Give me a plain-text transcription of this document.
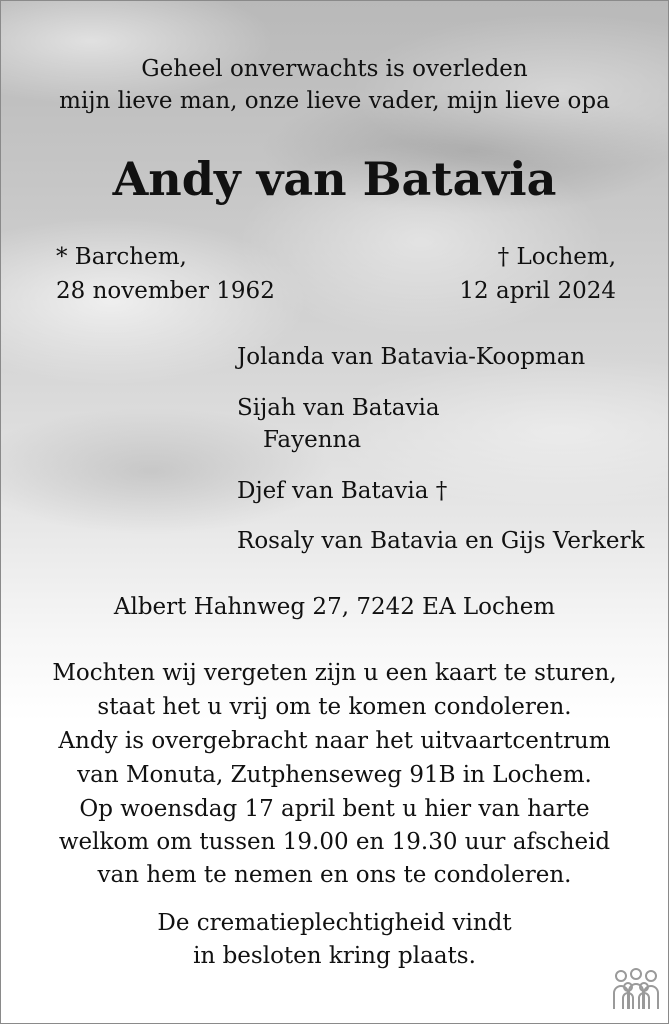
Geheel onverwachts is overleden

mijn lieve man, onze lieve vader, mijn lieve opa

Andy van Batavia

* Barchem,

28 november 1962

† Lochem,

12 april 2024

Jolanda van Batavia-Koopman

Sijah van Batavia

Fayenna

Djef van Batavia †

Rosaly van Batavia en Gijs Verkerk

Albert Hahnweg 27, 7242 EA Lochem

Mochten wij vergeten zijn u een kaart te sturen,

staat het u vrij om te komen condoleren.

Andy is overgebracht naar het uitvaartcentrum

van Monuta, Zutphenseweg 91B in Lochem.

Op woensdag 17 april bent u hier van harte

welkom om tussen 19.00 en 19.30 uur afscheid

van hem te nemen en ons te condoleren.

De crematieplechtigheid vindt

in besloten kring plaats.
